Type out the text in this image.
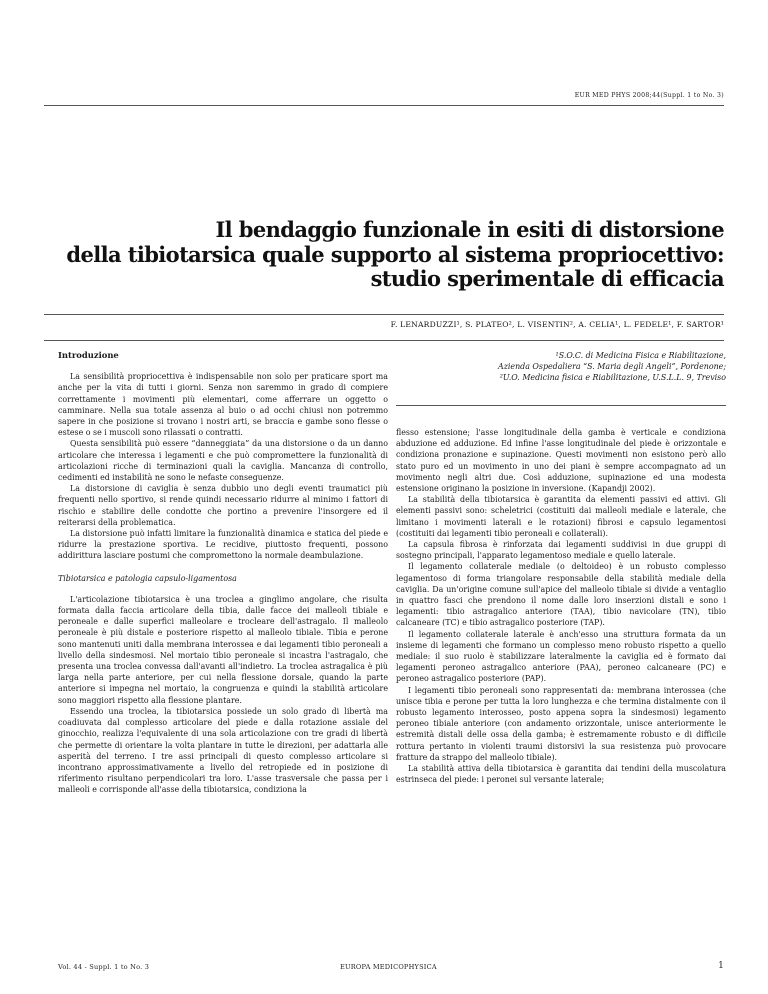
EUR MED PHYS 2008;44(Suppl. 1 to No. 3)
Il bendaggio funzionale in esiti di distorsione
della tibiotarsica quale supporto al sistema propriocettivo:
studio sperimentale di efficacia
F. LENARDUZZI¹, S. PLATEO², L. VISENTIN², A. CELIA¹, L. FEDELE¹, F. SARTOR¹
Introduzione

La sensibilità propriocettiva è indispensabile non solo per praticare sport ma anche per la vita di tutti i giorni. Senza non saremmo in grado di compiere correttamente i movimenti più elementari, come afferrare un oggetto o camminare. Nella sua totale assenza al buio o ad occhi chiusi non potremmo sapere in che posizione si trovano i nostri arti, se braccia e gambe sono flesse o estese o se i muscoli sono rilassati o contratti.

Questa sensibilità può essere “danneggiata” da una distorsione o da un danno articolare che interessa i legamenti e che può compromettere la funzionalità di articolazioni ricche di terminazioni quali la caviglia. Mancanza di controllo, cedimenti ed instabilità ne sono le nefaste conseguenze.

La distorsione di caviglia è senza dubbio uno degli eventi traumatici più frequenti nello sportivo, si rende quindi necessario ridurre al minimo i fattori di rischio e stabilire delle condotte che portino a prevenire l'insorgere ed il reiterarsi della problematica.

La distorsione può infatti limitare la funzionalità dinamica e statica del piede e ridurre la prestazione sportiva. Le recidive, piuttosto frequenti, possono addirittura lasciare postumi che compromettono la normale deambulazione.

Tibiotarsica e patologia capsulo-ligamentosa

L'articolazione tibiotarsica è una troclea a ginglimo angolare, che risulta formata dalla faccia articolare della tibia, dalle facce dei malleoli tibiale e peroneale e dalle superfici malleolare e trocleare dell'astragalo. Il malleolo peroneale è più distale e posteriore rispetto al malleolo tibiale. Tibia e perone sono mantenuti uniti dalla membrana interossea e dai legamenti tibio peroneali a livello della sindesmosi. Nel mortaio tibio peroneale si incastra l'astragalo, che presenta una troclea convessa dall'avanti all'indietro. La troclea astragalica è più larga nella parte anteriore, per cui nella flessione dorsale, quando la parte anteriore si impegna nel mortaio, la congruenza e quindi la stabilità articolare sono maggiori rispetto alla flessione plantare.

Essendo una troclea, la tibiotarsica possiede un solo grado di libertà ma coadiuvata dal complesso articolare del piede e dalla rotazione assiale del ginocchio, realizza l'equivalente di una sola articolazione con tre gradi di libertà che permette di orientare la volta plantare in tutte le direzioni, per adattarla alle asperità del terreno. I tre assi principali di questo complesso articolare si incontrano approssimativamente a livello del retropiede ed in posizione di riferimento risultano perpendicolari tra loro. L'asse trasversale che passa per i malleoli e corrisponde all'asse della tibiotarsica, condiziona la

¹S.O.C. di Medicina Fisica e Riabilitazione,
Azienda Ospedaliera “S. Maria degli Angeli”, Pordenone;
²U.O. Medicina fisica e Riabilitazione, U.S.L.L. 9, Treviso

flesso estensione; l'asse longitudinale della gamba è verticale e condiziona abduzione ed adduzione. Ed infine l'asse longitudinale del piede è orizzontale e condiziona pronazione e supinazione. Questi movimenti non esistono però allo stato puro ed un movimento in uno dei piani è sempre accompagnato ad un movimento negli altri due. Così adduzione, supinazione ed una modesta estensione originano la posizione in inversione. (Kapandji 2002).

La stabilità della tibiotarsica è garantita da elementi passivi ed attivi. Gli elementi passivi sono: scheletrici (costituiti dai malleoli mediale e laterale, che limitano i movimenti laterali e le rotazioni) fibrosi e capsulo legamentosi (costituiti dai legamenti tibio peroneali e collaterali).

La capsula fibrosa è rinforzata dai legamenti suddivisi in due gruppi di sostegno principali, l'apparato legamentoso mediale e quello laterale.

Il legamento collaterale mediale (o deltoideo) è un robusto complesso legamentoso di forma triangolare responsabile della stabilità mediale della caviglia. Da un'origine comune sull'apice del malleolo tibiale si divide a ventaglio in quattro fasci che prendono il nome dalle loro inserzioni distali e sono i legamenti: tibio astragalico anteriore (TAA), tibio navicolare (TN), tibio calcaneare (TC) e tibio astragalico posteriore (TAP).

Il legamento collaterale laterale è anch'esso una struttura formata da un insieme di legamenti che formano un complesso meno robusto rispetto a quello mediale: il suo ruolo è stabilizzare lateralmente la caviglia ed è formato dai legamenti peroneo astragalico anteriore (PAA), peroneo calcaneare (PC) e peroneo astragalico posteriore (PAP).

I legamenti tibio peroneali sono rappresentati da: membrana interossea (che unisce tibia e perone per tutta la loro lunghezza e che termina distalmente con il robusto legamento interosseo, posto appena sopra la sindesmosi) legamento peroneo tibiale anteriore (con andamento orizzontale, unisce anteriormente le estremità distali delle ossa della gamba; è estremamente robusto e di difficile rottura pertanto in violenti traumi distorsivi la sua resistenza può provocare fratture da strappo del malleolo tibiale).

La stabilità attiva della tibiotarsica è garantita dai tendini della muscolatura estrinseca del piede: i peronei sul versante laterale;

Vol. 44 - Suppl. 1 to No. 3	EUROPA MEDICOPHYSICA	1
